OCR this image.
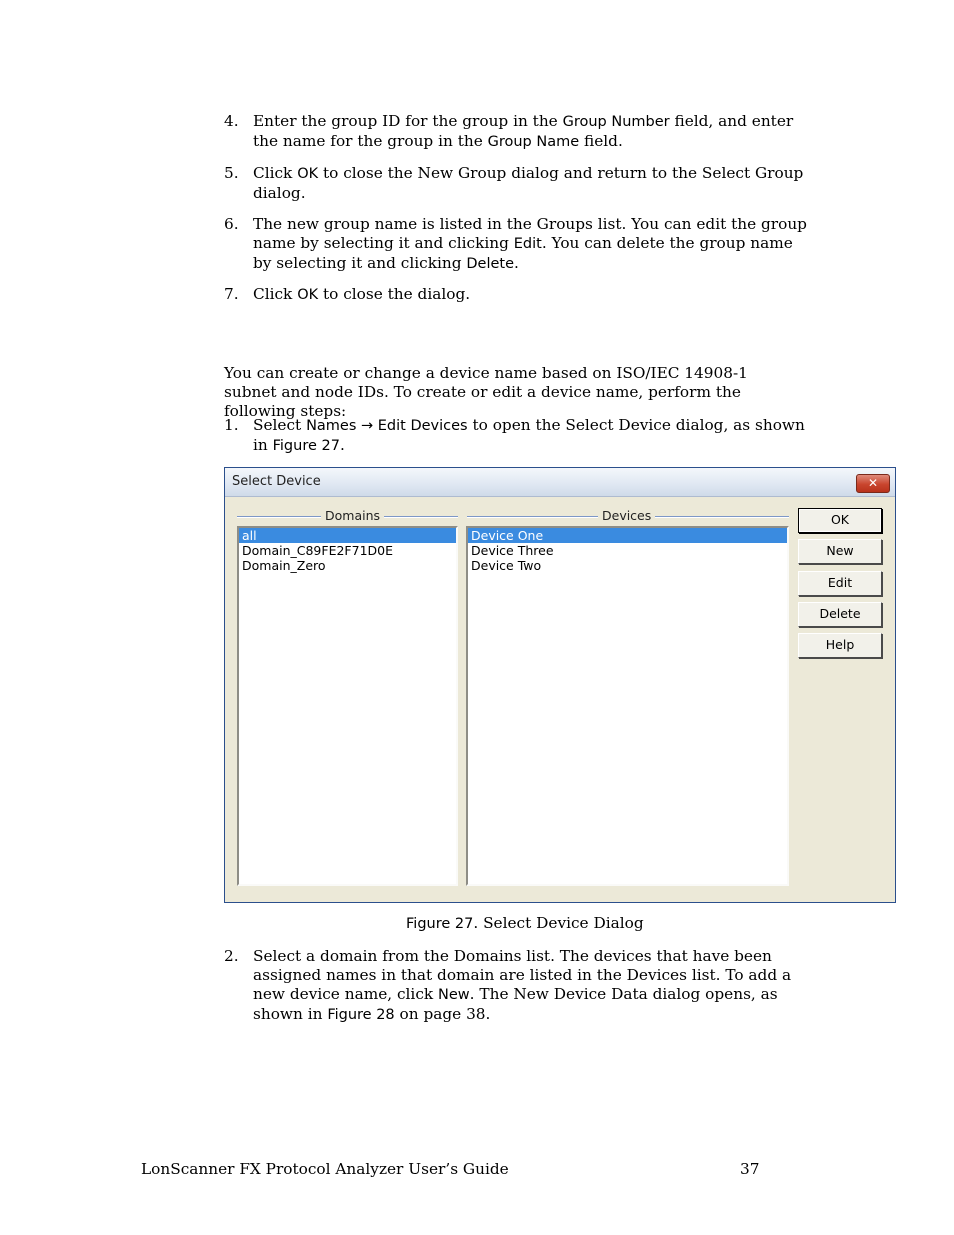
4. Enter the group ID for the group in the Group Number field, and enter the name for the group in the Group Name field.
5. Click OK to close the New Group dialog and return to the Select Group dialog.
6. The new group name is listed in the Groups list. You can edit the group name by selecting it and clicking Edit. You can delete the group name by selecting it and clicking Delete.
7. Click OK to close the dialog.

You can create or change a device name based on ISO/IEC 14908-1 subnet and node IDs. To create or edit a device name, perform the following steps:

1. Select Names → Edit Devices to open the Select Device dialog, as shown in Figure 27.
Select Device	✕
Domains	Devices
all
Domain_C89FE2F71D0E
Domain_Zero
Device One
Device Three
Device Two
OK
New
Edit
Delete
Help
Figure 27. Select Device Dialog
2. Select a domain from the Domains list. The devices that have been assigned names in that domain are listed in the Devices list. To add a new device name, click New. The New Device Data dialog opens, as shown in Figure 28 on page 38.
LonScanner FX Protocol Analyzer User’s Guide	37
